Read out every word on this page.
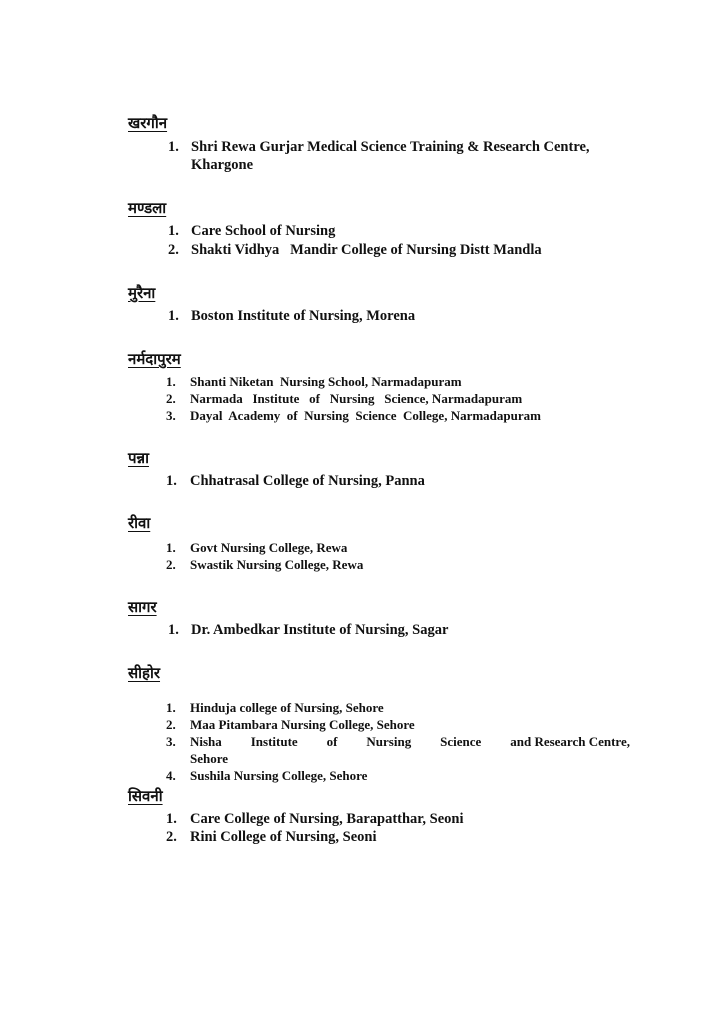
खरगौन
1. Shri Rewa Gurjar Medical Science Training & Research Centre,
Khargone
मण्डला
1. Care School of Nursing
2. Shakti Vidhya   Mandir College of Nursing Distt Mandla
मुरैना
1. Boston Institute of Nursing, Morena
नर्मदापुरम
1. Shanti Niketan  Nursing School, Narmadapuram
2. Narmada   Institute   of   Nursing   Science, Narmadapuram
3. Dayal  Academy  of  Nursing  Science  College, Narmadapuram
पन्ना
1. Chhatrasal College of Nursing, Panna
रीवा
1. Govt Nursing College, Rewa
2. Swastik Nursing College, Rewa
सागर
1. Dr. Ambedkar Institute of Nursing, Sagar
सीहोर
1. Hinduja college of Nursing, Sehore
2. Maa Pitambara Nursing College, Sehore
3. Nisha Institute of Nursing Science and Research Centre,
Sehore
4. Sushila Nursing College, Sehore
सिवनी
1. Care College of Nursing, Barapatthar, Seoni
2. Rini College of Nursing, Seoni
